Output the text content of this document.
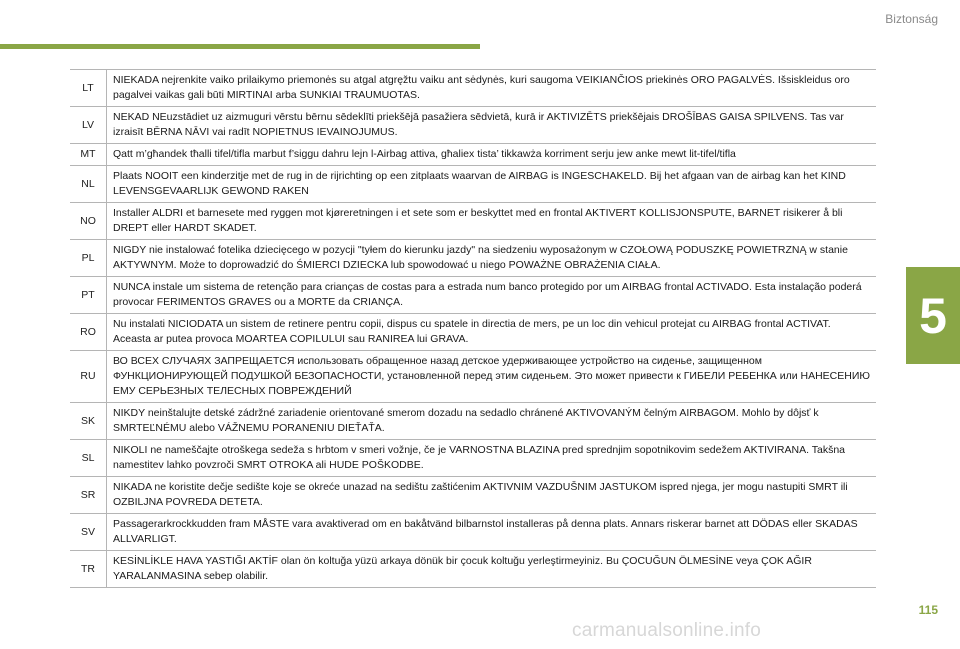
Biztonság
5
LT	NIEKADA nejrenkite vaiko prilaikymo priemonės su atgal atgręžtu vaiku ant sėdynės, kuri saugoma VEIKIANČIOS priekinės ORO PAGALVĖS. Išsiskleidus oro pagalvei vaikas gali būti MIRTINAI arba SUNKIAI TRAUMUOTAS.
LV	NEKAD NEuzstādiet uz aizmuguri vērstu bērnu sēdeklīti priekšējā pasažiera sēdvietā, kurā ir AKTIVIZĒTS priekšējais DROŠĪBAS GAISA SPILVENS. Tas var izraisīt BĒRNA NĀVI vai radīt NOPIETNUS IEVAINOJUMUS.
MT	Qatt m’għandek tħalli tifel/tifla marbut f’siggu dahru lejn l-Airbag attiva, għaliex tista’ tikkawża korriment serju jew anke mewt lit-tifel/tifla
NL	Plaats NOOIT een kinderzitje met de rug in de rijrichting op een zitplaats waarvan de AIRBAG is INGESCHAKELD. Bij het afgaan van de airbag kan het KIND LEVENSGEVAARLIJK GEWOND RAKEN
NO	Installer ALDRI et barnesete med ryggen mot kjøreretningen i et sete som er beskyttet med en frontal AKTIVERT KOLLISJONSPUTE, BARNET risikerer å bli DREPT eller HARDT SKADET.
PL	NIGDY nie instalować fotelika dziecięcego w pozycji "tyłem do kierunku jazdy" na siedzeniu wyposażonym w CZOŁOWĄ PODUSZKĘ POWIETRZNĄ w stanie AKTYWNYM. Może to doprowadzić do ŚMIERCI DZIECKA lub spowodować u niego POWAŻNE OBRAŻENIA CIAŁA.
PT	NUNCA instale um sistema de retenção para crianças de costas para a estrada num banco protegido por um AIRBAG frontal ACTIVADO. Esta instalação poderá provocar FERIMENTOS GRAVES ou a MORTE da CRIANÇA.
RO	Nu instalati NICIODATA un sistem de retinere pentru copii, dispus cu spatele in directia de mers, pe un loc din vehicul protejat cu AIRBAG frontal ACTIVAT. Aceasta ar putea provoca MOARTEA COPILULUI sau RANIREA lui GRAVA.
RU	ВО ВСЕХ СЛУЧАЯХ ЗАПРЕЩАЕТСЯ использовать обращенное назад детское удерживающее устройство на сиденье, защищенном ФУНКЦИОНИРУЮЩЕЙ ПОДУШКОЙ БЕЗОПАСНОСТИ, установленной перед этим сиденьем. Это может привести к ГИБЕЛИ РЕБЕНКА или НАНЕСЕНИЮ ЕМУ СЕРЬЕЗНЫХ ТЕЛЕСНЫХ ПОВРЕЖДЕНИЙ
SK	NIKDY neinštalujte detské zádržné zariadenie orientované smerom dozadu na sedadlo chránené AKTIVOVANÝM čelným AIRBAGOM. Mohlo by dôjsť k SMRTEĽNÉMU alebo VÁŽNEMU PORANENIU DIEŤAŤA.
SL	NIKOLI ne nameščajte otroškega sedeža s hrbtom v smeri vožnje, če je VARNOSTNA BLAZINA pred sprednjim sopotnikovim sedežem AKTIVIRANA. Takšna namestitev lahko povzroči SMRT OTROKA ali HUDE POŠKODBE.
SR	NIKADA ne koristite dečje sedište koje se okreće unazad na sedištu zaštićenim AKTIVNIM VAZDUŠNIM JASTUKOM ispred njega, jer mogu nastupiti SMRT ili OZBILJNA POVREDA DETETA.
SV	Passagerarkrockkudden fram MÅSTE vara avaktiverad om en bakåtvänd bilbarnstol installeras på denna plats. Annars riskerar barnet att DÖDAS eller SKADAS ALLVARLIGT.
TR	KESİNLİKLE HAVA YASTIĞI AKTİF olan ön koltuğa yüzü arkaya dönük bir çocuk koltuğu yerleştirmeyiniz. Bu ÇOCUĞUN ÖLMESİNE veya ÇOK AĞIR YARALANMASINA sebep olabilir.
115
carmanualsonline.info
